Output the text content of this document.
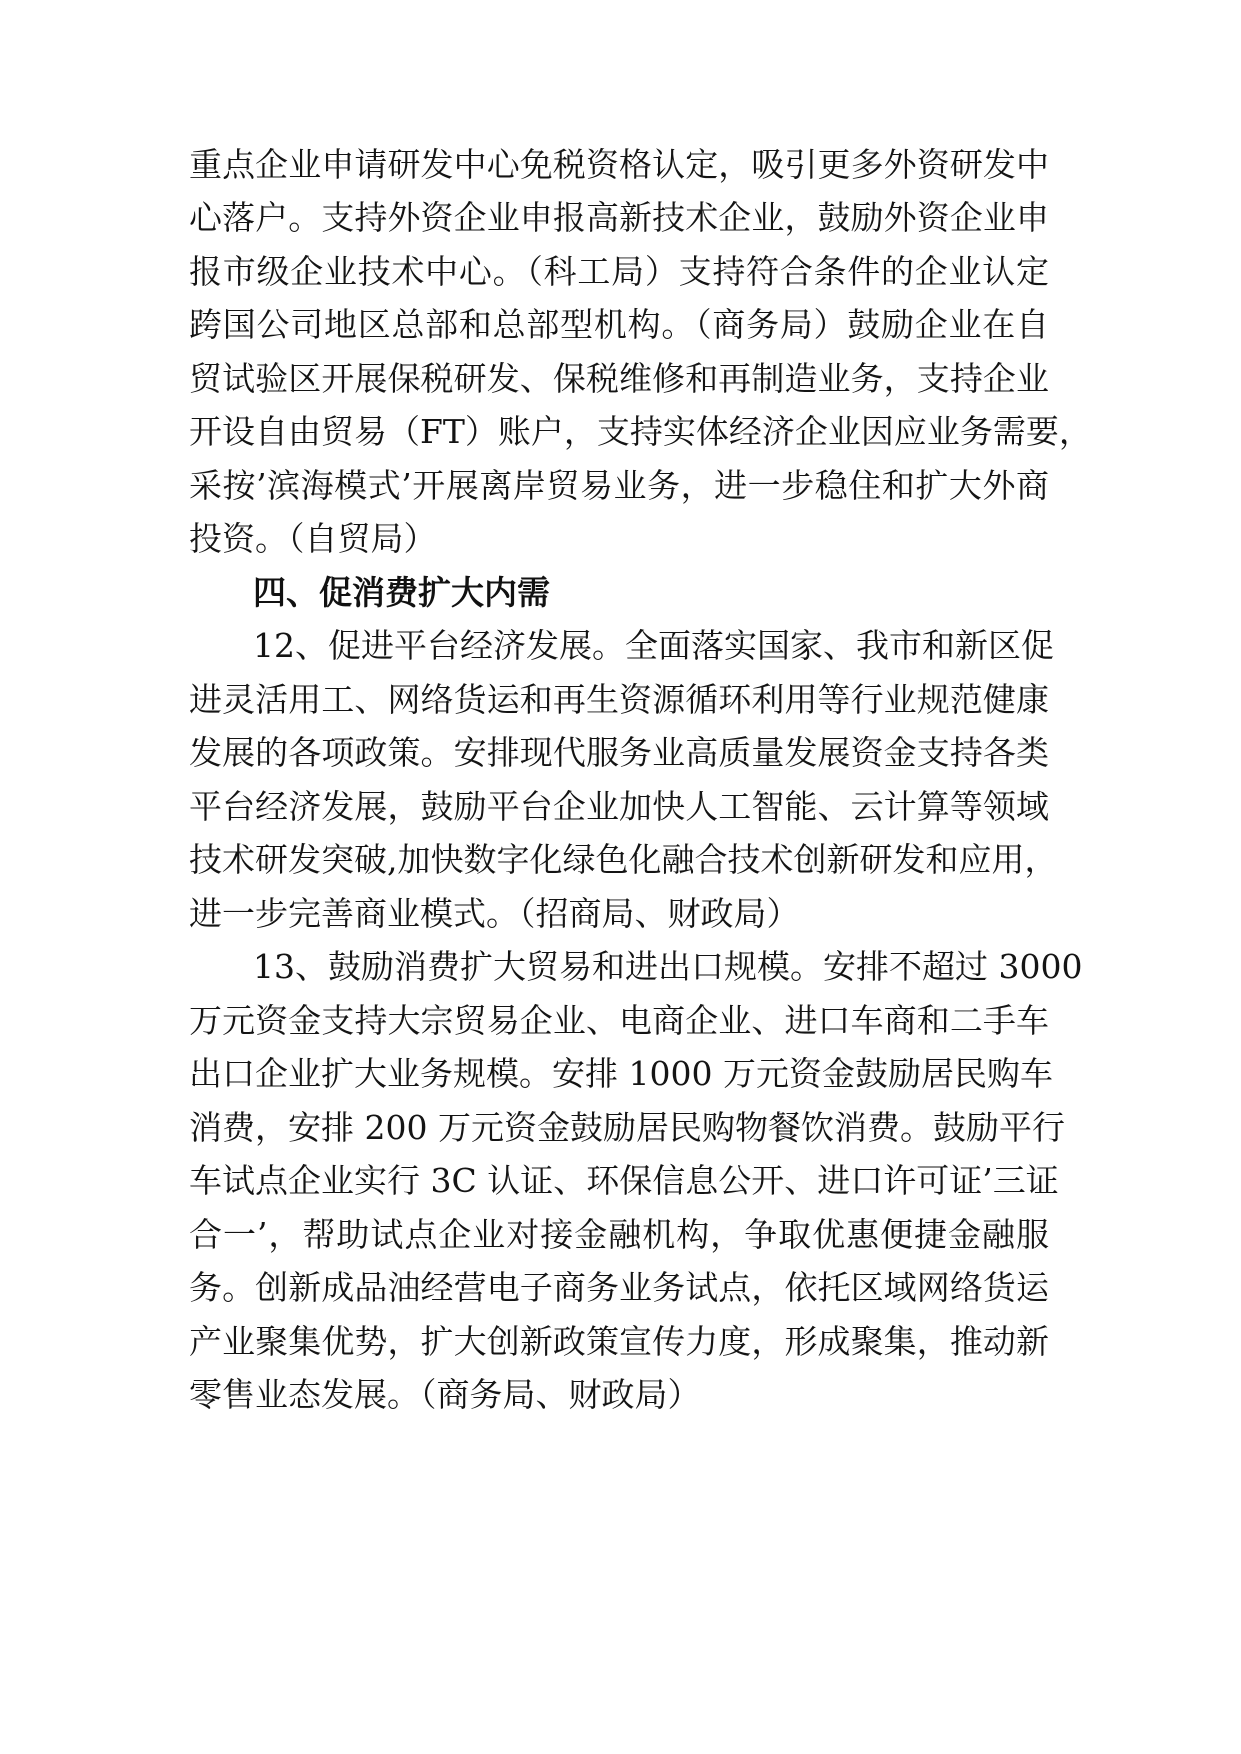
重点企业申请研发中心免税资格认定，吸引更多外资研发中
心落户。支持外资企业申报高新技术企业，鼓励外资企业申
报市级企业技术中心。（科工局）支持符合条件的企业认定
跨国公司地区总部和总部型机构。（商务局）鼓励企业在自
贸试验区开展保税研发、保税维修和再制造业务，支持企业
开设自由贸易（FT）账户，支持实体经济企业因应业务需要，
采按’滨海模式’开展离岸贸易业务，进一步稳住和扩大外商
投资。（自贸局）
四、促消费扩大内需
12、促进平台经济发展。全面落实国家、我市和新区促
进灵活用工、网络货运和再生资源循环利用等行业规范健康
发展的各项政策。安排现代服务业高质量发展资金支持各类
平台经济发展，鼓励平台企业加快人工智能、云计算等领域
技术研发突破,加快数字化绿色化融合技术创新研发和应用，
进一步完善商业模式。（招商局、财政局）
13、鼓励消费扩大贸易和进出口规模。安排不超过 3000
万元资金支持大宗贸易企业、电商企业、进口车商和二手车
出口企业扩大业务规模。安排 1000 万元资金鼓励居民购车
消费，安排 200 万元资金鼓励居民购物餐饮消费。鼓励平行
车试点企业实行 3C 认证、环保信息公开、进口许可证’三证
合一’，帮助试点企业对接金融机构，争取优惠便捷金融服
务。创新成品油经营电子商务业务试点，依托区域网络货运
产业聚集优势，扩大创新政策宣传力度，形成聚集，推动新
零售业态发展。（商务局、财政局）
